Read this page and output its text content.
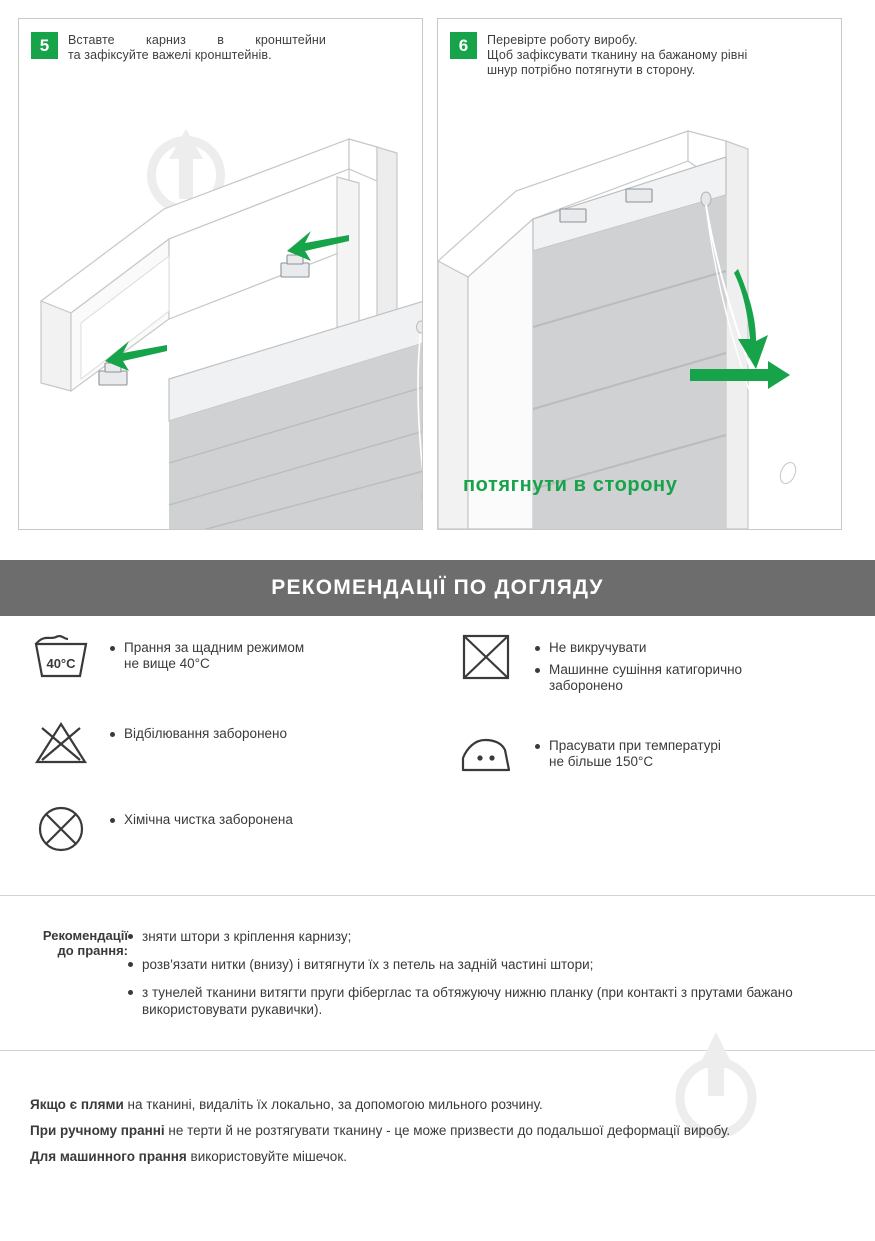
5	Вставте карниз в кронштейни
та зафіксуйте важелі кронштейнів.
6	Перевірте роботу виробу.
Щоб зафіксувати тканину на бажаному рівні
шнур потрібно потягнути в сторону.
потягнути в сторону
РЕКОМЕНДАЦІЇ ПО ДОГЛЯДУ
40°C
Прання за щадним режимом
не вище 40°С
Відбілювання заборонено
Хімічна чистка заборонена
Не викручувати
Машинне сушіння катигорично заборонено
Прасувати при температурі
не більше 150°С
Рекомендації
до прання:
зняти штори з кріплення карнизу;
розв'язати нитки (внизу) і витягнути їх з петель на задній частині штори;
з тунелей тканини витягти пруги фіберглас та обтяжуючу нижню планку (при контакті з прутами бажано використовувати рукавички).
Якщо є плями на тканині, видаліть їх локально, за допомогою мильного розчину.
При ручному пранні не терти й не розтягувати тканину - це може призвести до подальшої деформації виробу.
Для машинного прання використовуйте мішечок.
